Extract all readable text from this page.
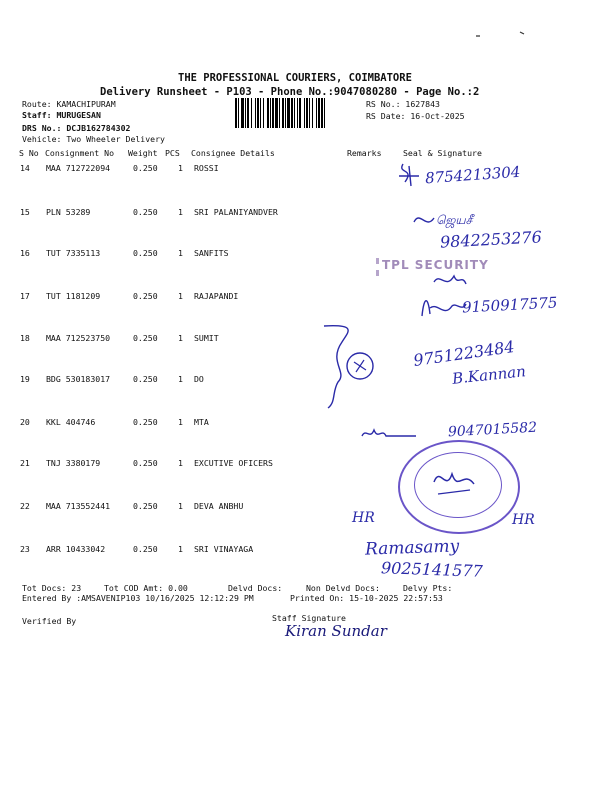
THE PROFESSIONAL COURIERS, COIMBATORE
Delivery Runsheet - P103 - Phone No.:9047080280 - Page No.:2
Route: KAMACHIPURAM
Staff: MURUGESAN
DRS No.: DCJB162784302
Vehicle: Two Wheeler Delivery
RS No.: 1627843
RS Date: 16-Oct-2025
S No Consignment No Weight PCS Consignee Details	Remarks	Seal & Signature
14 MAA 712722094	0.250 1 ROSSI
15 PLN 53289	0.250 1 SRI PALANIYANDVER
16 TUT 7335113	0.250 1 SANFITS
17 TUT 1181209	0.250 1 RAJAPANDI
18 MAA 712523750	0.250 1 SUMIT
19 BDG 530183017	0.250 1 DO
20 KKL 404746	0.250 1 MTA
21 TNJ 3380179	0.250 1 EXCUTIVE OFICERS
22 MAA 713552441	0.250 1 DEVA ANBHU
23 ARR 10433042	0.250 1 SRI VINAYAGA
8754213304
ஜெயசீ
9842253276
TPL SECURITY
9150917575
9751223484
B.Kannan
9047015582
HR	HR
Ramasamy
9025141577
Tot Docs: 23	Tot COD Amt: 0.00	Delvd Docs:	Non Delvd Docs:	Delvy Pts:
Entered By :AMSAVENIP103 10/16/2025 12:12:29 PM	Printed On: 15-10-2025 22:57:53
Verified By	Staff Signature
Kiran Sundar
